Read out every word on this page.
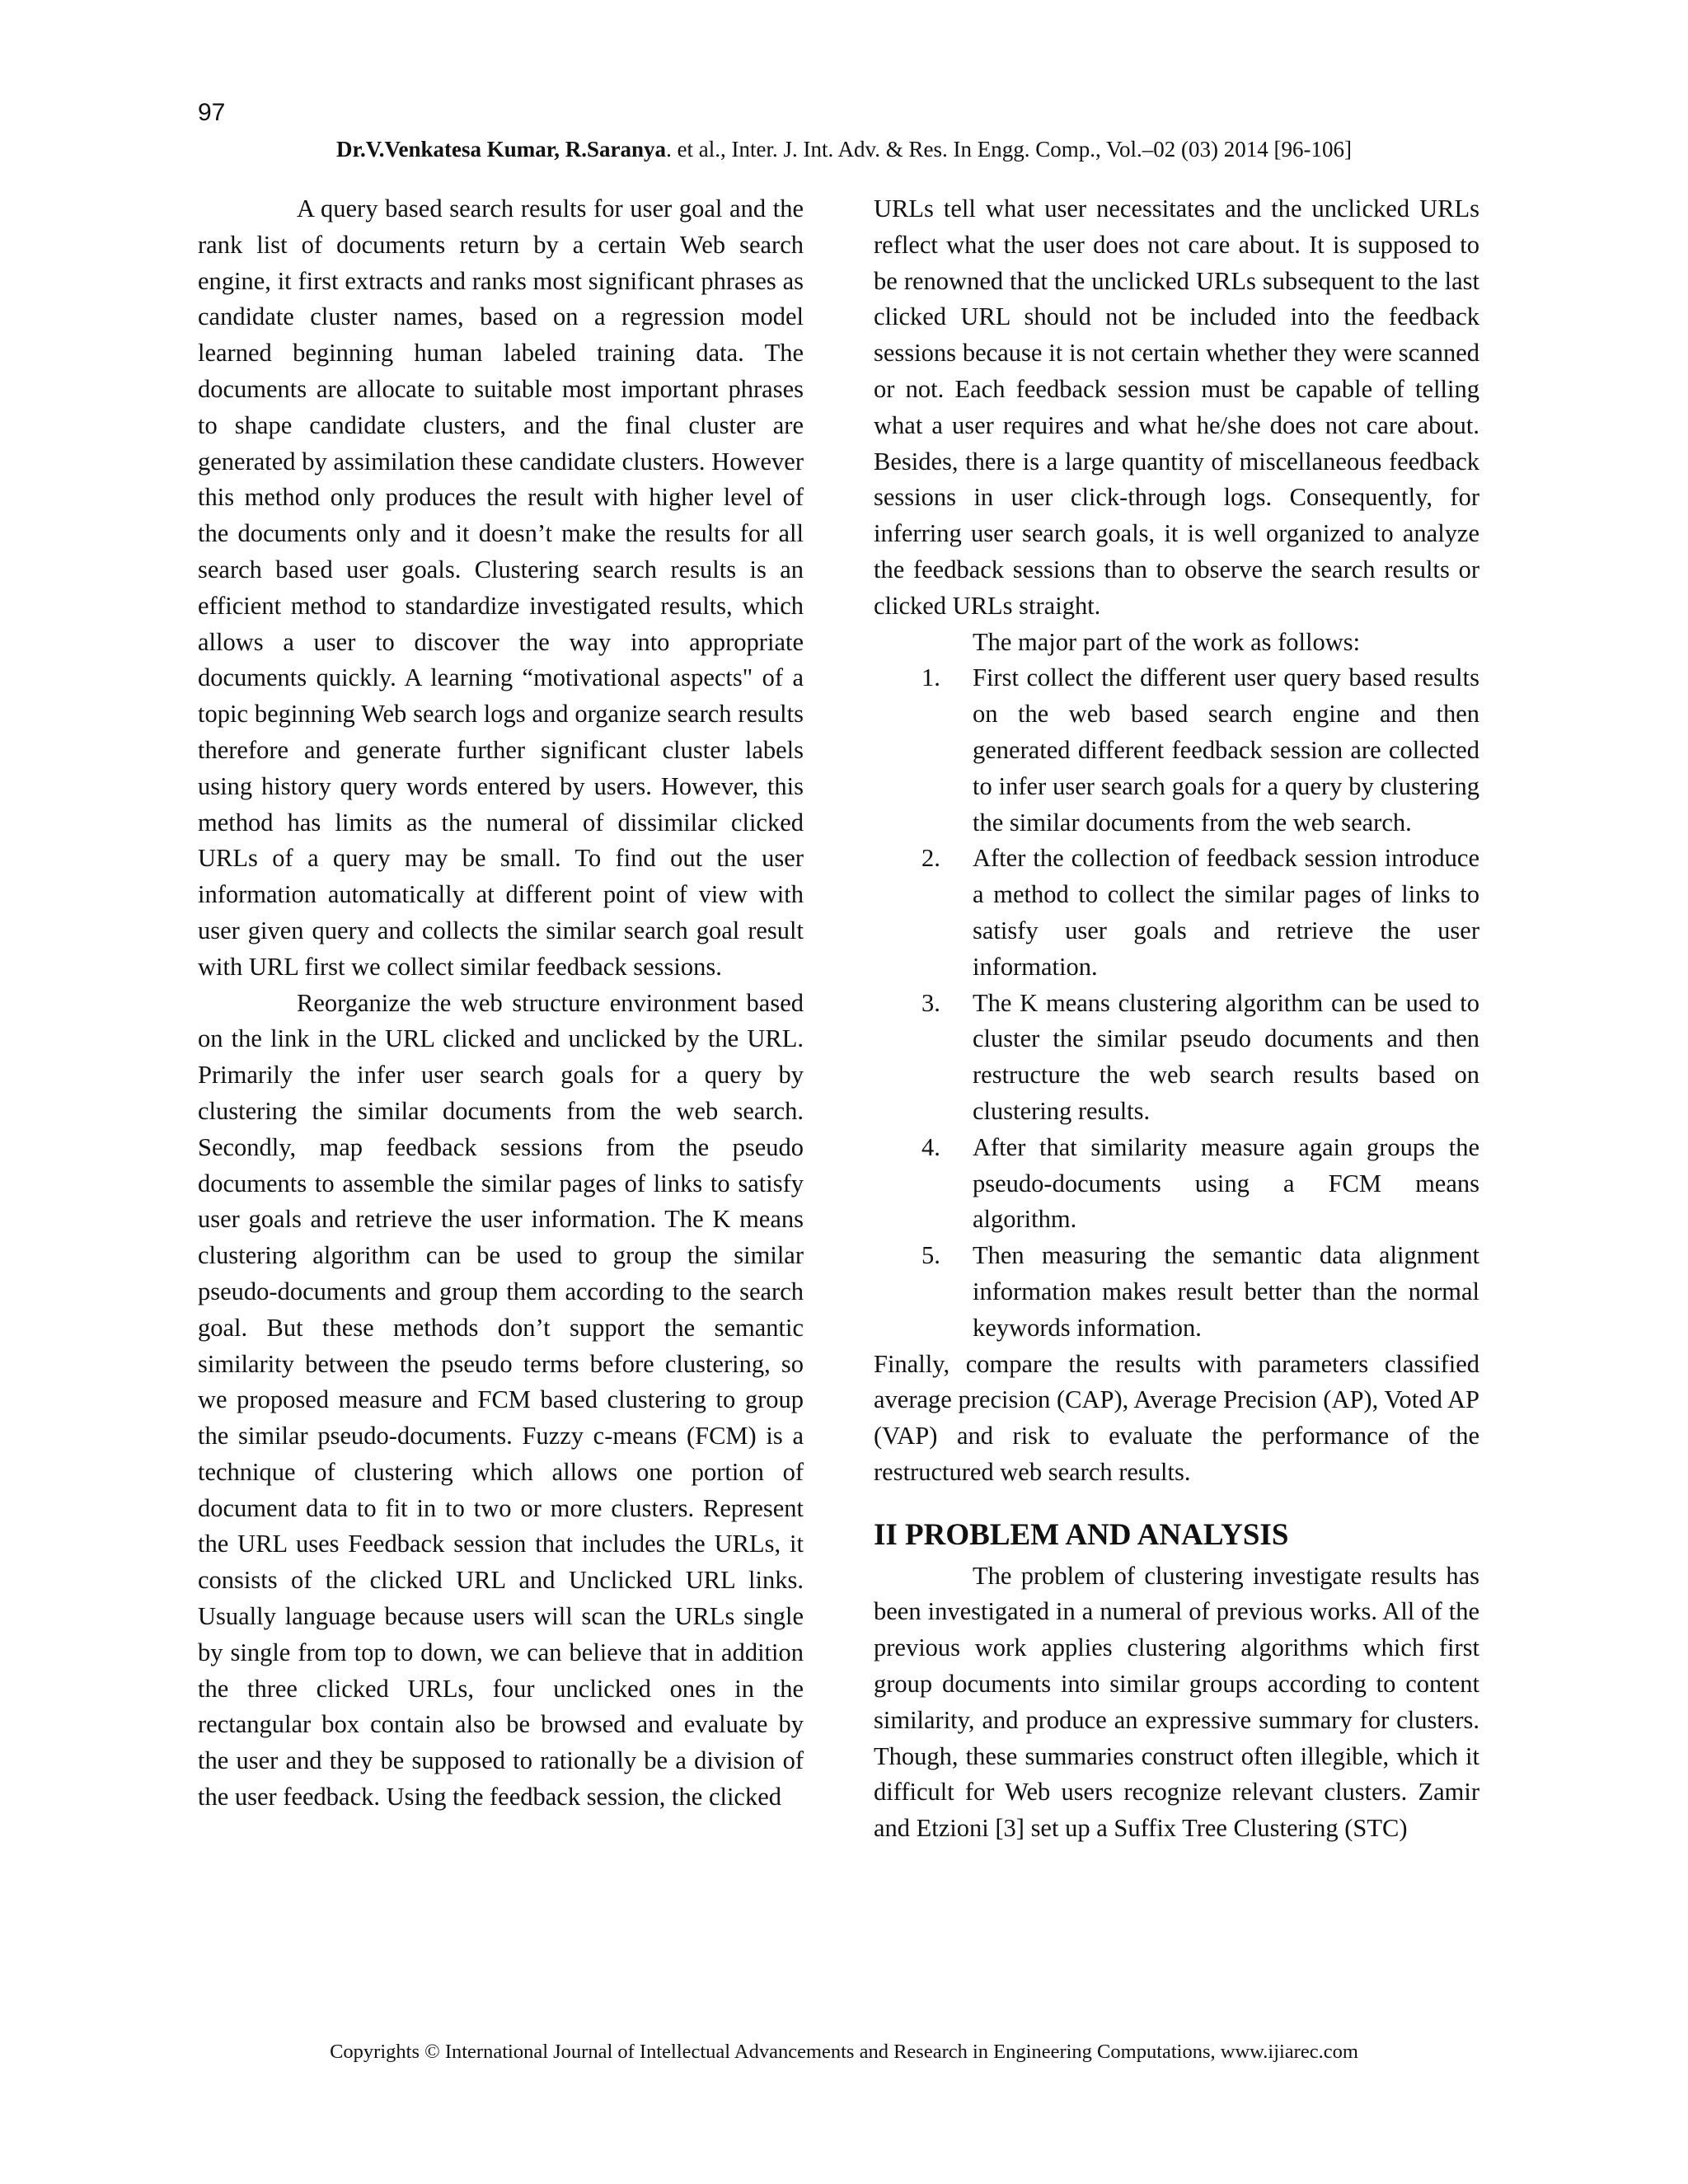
97
Dr.V.Venkatesa Kumar, R.Saranya. et al., Inter. J. Int. Adv. & Res. In Engg. Comp., Vol.–02 (03) 2014 [96-106]

A query based search results for user goal and the rank list of documents return by a certain Web search engine, it first extracts and ranks most significant phrases as candidate cluster names, based on a regression model learned beginning human labeled training data. The documents are allocate to suitable most important phrases to shape candidate clusters, and the final cluster are generated by assimilation these candidate clusters. However this method only produces the result with higher level of the documents only and it doesn’t make the results for all search based user goals. Clustering search results is an efficient method to standardize investigated results, which allows a user to discover the way into appropriate documents quickly. A learning “motivational aspects" of a topic beginning Web search logs and organize search results therefore and generate further significant cluster labels using history query words entered by users. However, this method has limits as the numeral of dissimilar clicked URLs of a query may be small. To find out the user information automatically at different point of view with user given query and collects the similar search goal result with URL first we collect similar feedback sessions.

Reorganize the web structure environment based on the link in the URL clicked and unclicked by the URL. Primarily the infer user search goals for a query by clustering the similar documents from the web search. Secondly, map feedback sessions from the pseudo documents to assemble the similar pages of links to satisfy user goals and retrieve the user information. The K means clustering algorithm can be used to group the similar pseudo-documents and group them according to the search goal. But these methods don’t support the semantic similarity between the pseudo terms before clustering, so we proposed measure and FCM based clustering to group the similar pseudo-documents. Fuzzy c-means (FCM) is a technique of clustering which allows one portion of document data to fit in to two or more clusters. Represent the URL uses Feedback session that includes the URLs, it consists of the clicked URL and Unclicked URL links. Usually language because users will scan the URLs single by single from top to down, we can believe that in addition the three clicked URLs, four unclicked ones in the rectangular box contain also be browsed and evaluate by the user and they be supposed to rationally be a division of the user feedback. Using the feedback session, the clicked

URLs tell what user necessitates and the unclicked URLs reflect what the user does not care about. It is supposed to be renowned that the unclicked URLs subsequent to the last clicked URL should not be included into the feedback sessions because it is not certain whether they were scanned or not. Each feedback session must be capable of telling what a user requires and what he/she does not care about. Besides, there is a large quantity of miscellaneous feedback sessions in user click-through logs. Consequently, for inferring user search goals, it is well organized to analyze the feedback sessions than to observe the search results or clicked URLs straight.

The major part of the work as follows:

1. First collect the different user query based results on the web based search engine and then generated different feedback session are collected to infer user search goals for a query by clustering the similar documents from the web search.
2. After the collection of feedback session introduce a method to collect the similar pages of links to satisfy user goals and retrieve the user information.
3. The K means clustering algorithm can be used to cluster the similar pseudo documents and then restructure the web search results based on clustering results.
4. After that similarity measure again groups the pseudo-documents using a FCM means algorithm.
5. Then measuring the semantic data alignment information makes result better than the normal keywords information.

Finally, compare the results with parameters classified average precision (CAP), Average Precision (AP), Voted AP (VAP) and risk to evaluate the performance of the restructured web search results.

II PROBLEM AND ANALYSIS

The problem of clustering investigate results has been investigated in a numeral of previous works. All of the previous work applies clustering algorithms which first group documents into similar groups according to content similarity, and produce an expressive summary for clusters. Though, these summaries construct often illegible, which it difficult for Web users recognize relevant clusters. Zamir and Etzioni [3] set up a Suffix Tree Clustering (STC)

Copyrights © International Journal of Intellectual Advancements and Research in Engineering Computations, www.ijiarec.com
